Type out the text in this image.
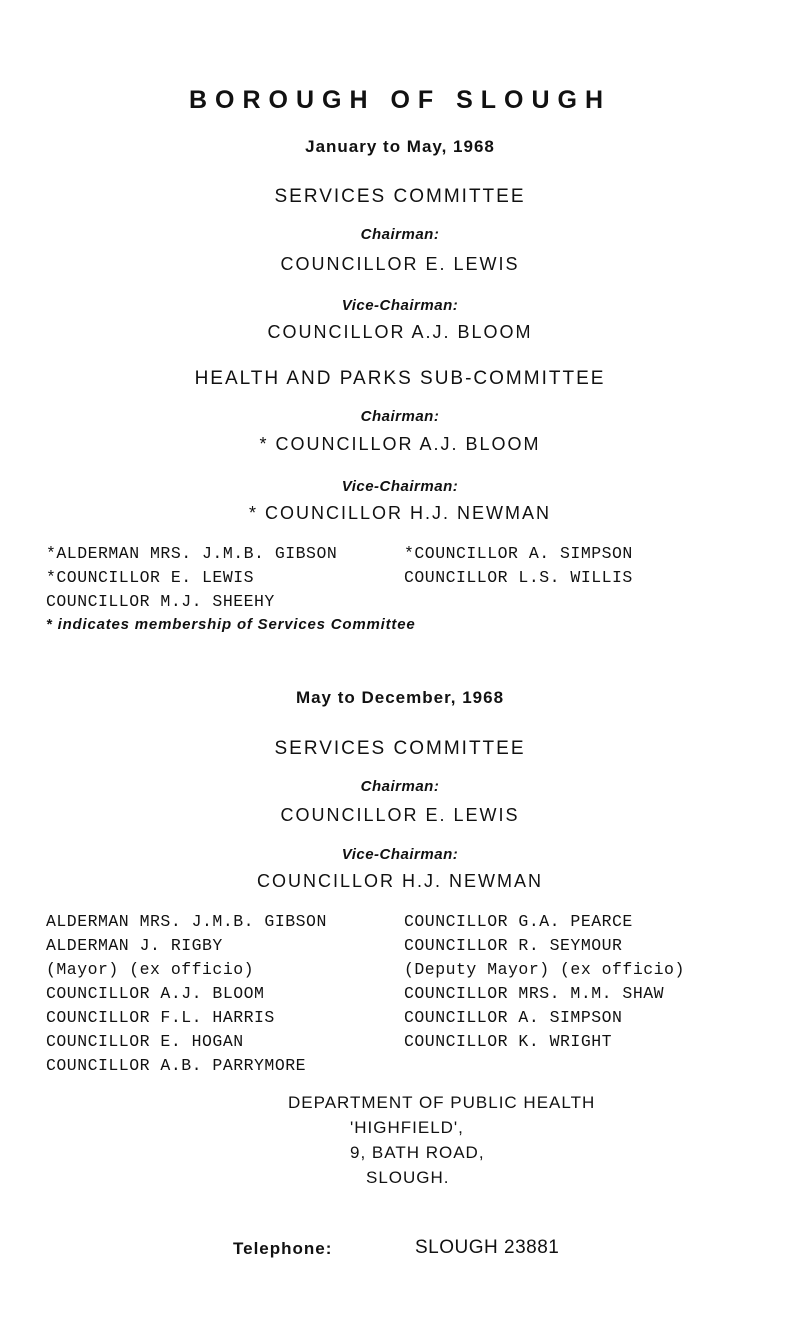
BOROUGH OF SLOUGH
January to May, 1968
SERVICES COMMITTEE
Chairman:
COUNCILLOR E. LEWIS
Vice-Chairman:
COUNCILLOR A.J. BLOOM
HEALTH AND PARKS SUB-COMMITTEE
Chairman:
* COUNCILLOR A.J. BLOOM
Vice-Chairman:
* COUNCILLOR H.J. NEWMAN
*ALDERMAN MRS. J.M.B. GIBSON
*COUNCILLOR E. LEWIS
COUNCILLOR M.J. SHEEHY
*COUNCILLOR A. SIMPSON
COUNCILLOR L.S. WILLIS
* indicates membership of Services Committee
May to December, 1968
SERVICES COMMITTEE
Chairman:
COUNCILLOR E. LEWIS
Vice-Chairman:
COUNCILLOR H.J. NEWMAN
ALDERMAN MRS. J.M.B. GIBSON
ALDERMAN J. RIGBY
(Mayor) (ex officio)
COUNCILLOR A.J. BLOOM
COUNCILLOR F.L. HARRIS
COUNCILLOR E. HOGAN
COUNCILLOR A.B. PARRYMORE
COUNCILLOR G.A. PEARCE
COUNCILLOR R. SEYMOUR
(Deputy Mayor) (ex officio)
COUNCILLOR MRS. M.M. SHAW
COUNCILLOR A. SIMPSON
COUNCILLOR K. WRIGHT
DEPARTMENT OF PUBLIC HEALTH
'HIGHFIELD',
9, BATH ROAD,
SLOUGH.
Telephone:	SLOUGH 23881
